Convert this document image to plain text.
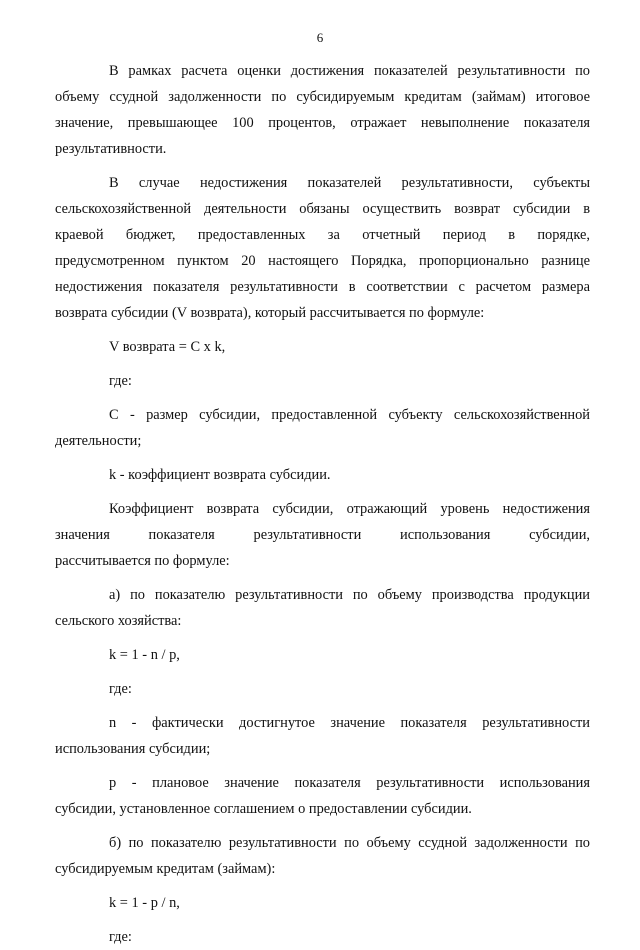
6

В рамках расчета оценки достижения показателей результативности по

объему ссудной задолженности по субсидируемым кредитам (займам) итоговое

значение, превышающее 100 процентов, отражает невыполнение показателя

результативности.

В случае недостижения показателей результативности, субъекты

сельскохозяйственной деятельности обязаны осуществить возврат субсидии в

краевой бюджет, предоставленных за отчетный период в порядке,

предусмотренном пунктом 20 настоящего Порядка, пропорционально разнице

недостижения показателя результативности в соответствии с расчетом размера

возврата субсидии (V возврата), который рассчитывается по формуле:

V возврата = C x k,

где:

C - размер субсидии, предоставленной субъекту сельскохозяйственной

деятельности;

k - коэффициент возврата субсидии.

Коэффициент возврата субсидии, отражающий уровень недостижения

значения показателя результативности использования субсидии,

рассчитывается по формуле:

а) по показателю результативности по объему производства продукции

сельского хозяйства:

k = 1 - n / p,

где:

n - фактически достигнутое значение показателя результативности

использования субсидии;

p - плановое значение показателя результативности использования

субсидии, установленное соглашением о предоставлении субсидии.

б) по показателю результативности по объему ссудной задолженности по

субсидируемым кредитам (займам):

k = 1 - p / n,

где:
